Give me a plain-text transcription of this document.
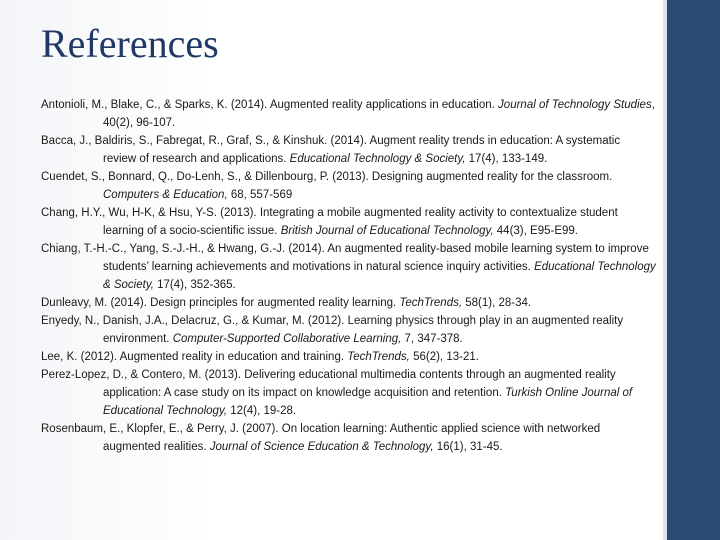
References

Antonioli, M., Blake, C., & Sparks, K. (2014). Augmented reality applications in education. Journal of Technology Studies, 40(2), 96-107.

Bacca, J., Baldiris, S., Fabregat, R., Graf, S., & Kinshuk. (2014). Augment reality trends in education: A systematic review of research and applications. Educational Technology & Society, 17(4), 133-149.

Cuendet, S., Bonnard, Q., Do-Lenh, S., & Dillenbourg, P. (2013). Designing augmented reality for the classroom. Computers & Education, 68, 557-569

Chang, H.Y., Wu, H-K, & Hsu, Y-S. (2013). Integrating a mobile augmented reality activity to contextualize student learning of a socio-scientific issue. British Journal of Educational Technology, 44(3), E95-E99.

Chiang, T.-H.-C., Yang, S.-J.-H., & Hwang, G.-J. (2014). An augmented reality-based mobile learning system to improve students’ learning achievements and motivations in natural science inquiry activities. Educational Technology & Society, 17(4), 352-365.

Dunleavy, M. (2014). Design principles for augmented reality learning. TechTrends, 58(1), 28-34.

Enyedy, N., Danish, J.A., Delacruz, G., & Kumar, M. (2012). Learning physics through play in an augmented reality environment. Computer-Supported Collaborative Learning, 7, 347-378.

Lee, K. (2012). Augmented reality in education and training. TechTrends, 56(2), 13-21.

Perez-Lopez, D., & Contero, M. (2013). Delivering educational multimedia contents through an augmented reality application: A case study on its impact on knowledge acquisition and retention. Turkish Online Journal of Educational Technology, 12(4), 19-28.

Rosenbaum, E., Klopfer, E., & Perry, J. (2007). On location learning: Authentic applied science with networked augmented realities. Journal of Science Education & Technology, 16(1), 31-45.
